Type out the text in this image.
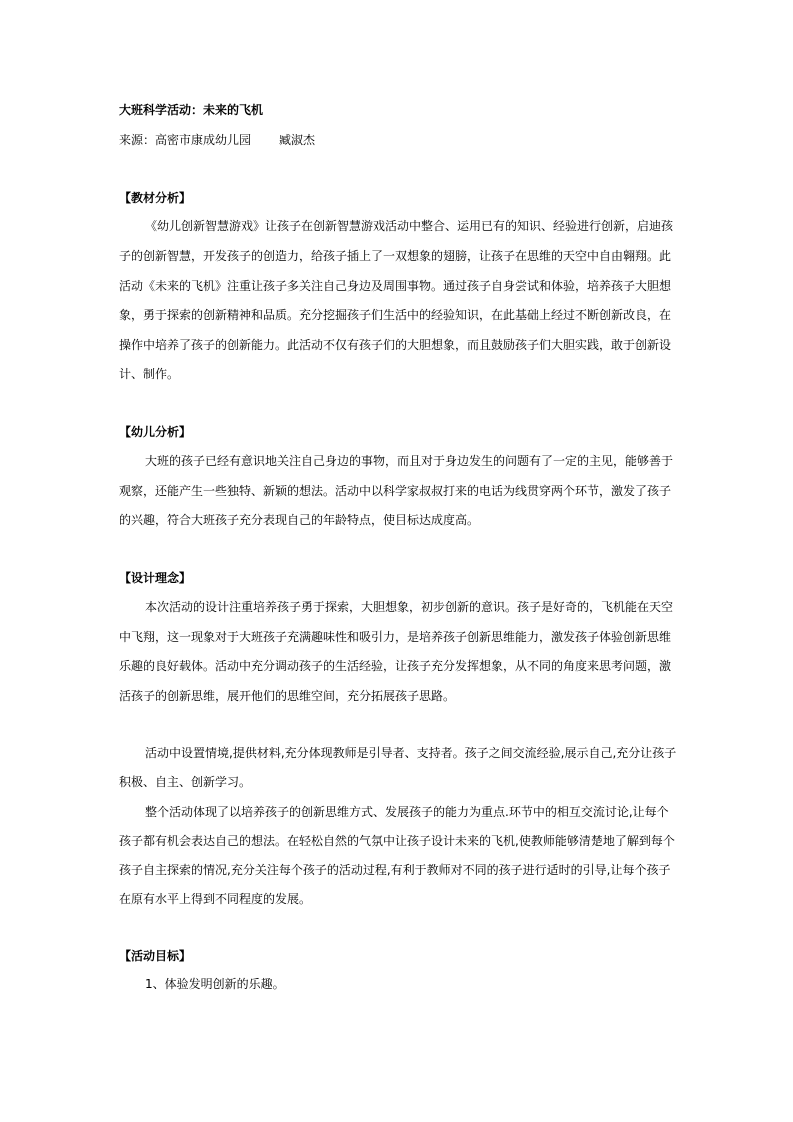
大班科学活动：未来的飞机
来源：高密市康成幼儿园 臧淑杰
【教材分析】
《幼儿创新智慧游戏》让孩子在创新智慧游戏活动中整合、运用已有的知识、经验进行创新，启迪孩
子的创新智慧，开发孩子的创造力，给孩子插上了一双想象的翅膀，让孩子在思维的天空中自由翱翔。此
活动《未来的飞机》注重让孩子多关注自己身边及周围事物。通过孩子自身尝试和体验，培养孩子大胆想
象，勇于探索的创新精神和品质。充分挖掘孩子们生活中的经验知识，在此基础上经过不断创新改良，在
操作中培养了孩子的创新能力。此活动不仅有孩子们的大胆想象，而且鼓励孩子们大胆实践，敢于创新设
计、制作。
【幼儿分析】
大班的孩子已经有意识地关注自己身边的事物，而且对于身边发生的问题有了一定的主见，能够善于
观察，还能产生一些独特、新颖的想法。活动中以科学家叔叔打来的电话为线贯穿两个环节，激发了孩子
的兴趣，符合大班孩子充分表现自己的年龄特点，使目标达成度高。
【设计理念】
本次活动的设计注重培养孩子勇于探索，大胆想象，初步创新的意识。孩子是好奇的，飞机能在天空
中飞翔，这一现象对于大班孩子充满趣味性和吸引力，是培养孩子创新思维能力，激发孩子体验创新思维
乐趣的良好载体。活动中充分调动孩子的生活经验，让孩子充分发挥想象，从不同的角度来思考问题，激
活孩子的创新思维，展开他们的思维空间，充分拓展孩子思路。
活动中设置情境,提供材料,充分体现教师是引导者、支持者。孩子之间交流经验,展示自己,充分让孩子
积极、自主、创新学习。
整个活动体现了以培养孩子的创新思维方式、发展孩子的能力为重点.环节中的相互交流讨论,让每个
孩子都有机会表达自己的想法。在轻松自然的气氛中让孩子设计未来的飞机,使教师能够清楚地了解到每个
孩子自主探索的情况,充分关注每个孩子的活动过程,有利于教师对不同的孩子进行适时的引导,让每个孩子
在原有水平上得到不同程度的发展。
【活动目标】
1、体验发明创新的乐趣。
